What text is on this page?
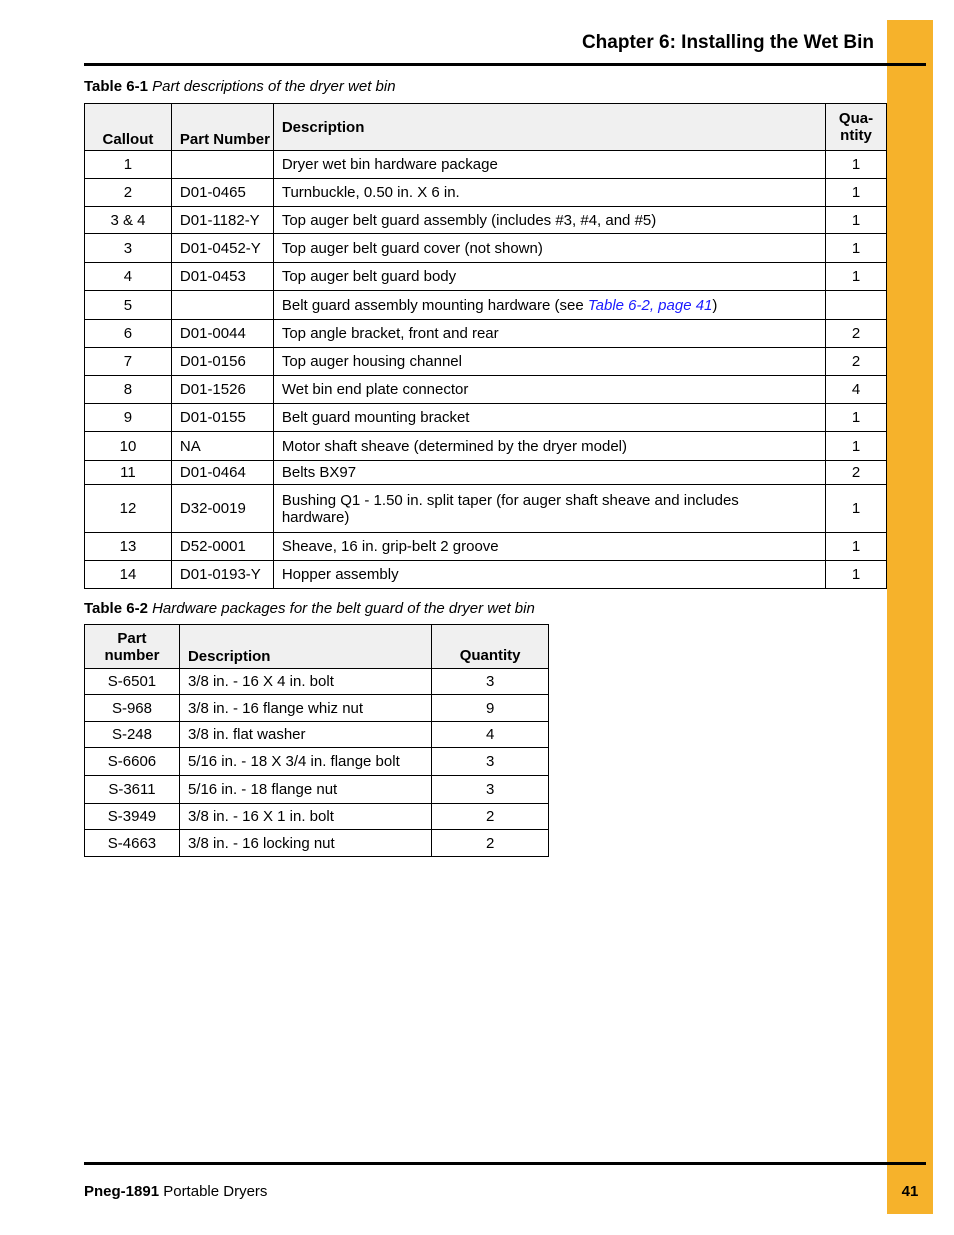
Chapter 6: Installing the Wet Bin
Table 6-1 Part descriptions of the dryer wet bin
Callout	Part Number	Description	Qua- ntity
1		Dryer wet bin hardware package	1
2	D01-0465	Turnbuckle, 0.50 in. X 6 in.	1
3 & 4	D01-1182-Y	Top auger belt guard assembly (includes #3, #4, and #5)	1
3	D01-0452-Y	Top auger belt guard cover (not shown)	1
4	D01-0453	Top auger belt guard body	1
5		Belt guard assembly mounting hardware (see Table 6-2, page 41)	
6	D01-0044	Top angle bracket, front and rear	2
7	D01-0156	Top auger housing channel	2
8	D01-1526	Wet bin end plate connector	4
9	D01-0155	Belt guard mounting bracket	1
10	NA	Motor shaft sheave (determined by the dryer model)	1
11	D01-0464	Belts BX97	2
12	D32-0019	Bushing Q1 - 1.50 in. split taper (for auger shaft sheave and includes hardware)	1
13	D52-0001	Sheave, 16 in. grip-belt 2 groove	1
14	D01-0193-Y	Hopper assembly	1
Table 6-2 Hardware packages for the belt guard of the dryer wet bin
Part number	Description	Quantity
S-6501	3/8 in. - 16 X 4 in. bolt	3
S-968	3/8 in. - 16 flange whiz nut	9
S-248	3/8 in. flat washer	4
S-6606	5/16 in. - 18 X 3/4 in. flange bolt	3
S-3611	5/16 in. - 18 flange nut	3
S-3949	3/8 in. - 16 X 1 in. bolt	2
S-4663	3/8 in. - 16 locking nut	2
Pneg-1891 Portable Dryers	41
